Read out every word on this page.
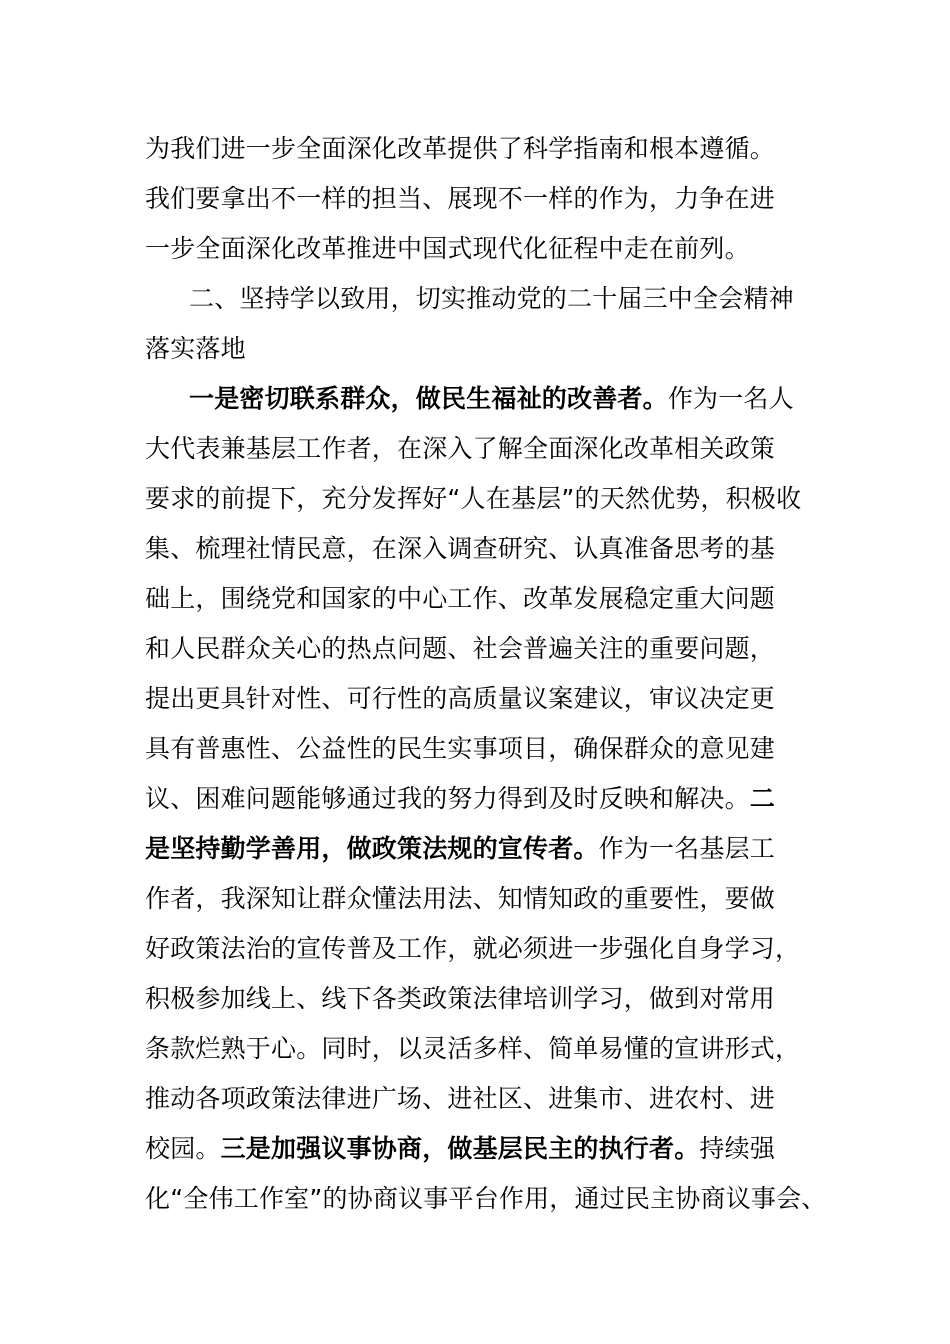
为我们进一步全面深化改革提供了科学指南和根本遵循。
我们要拿出不一样的担当、展现不一样的作为，力争在进
一步全面深化改革推进中国式现代化征程中走在前列。
二、坚持学以致用，切实推动党的二十届三中全会精神
落实落地
一是密切联系群众，做民生福祉的改善者。作为一名人
大代表兼基层工作者，在深入了解全面深化改革相关政策
要求的前提下，充分发挥好“人在基层”的天然优势，积极收
集、梳理社情民意，在深入调查研究、认真准备思考的基
础上，围绕党和国家的中心工作、改革发展稳定重大问题
和人民群众关心的热点问题、社会普遍关注的重要问题，
提出更具针对性、可行性的高质量议案建议，审议决定更
具有普惠性、公益性的民生实事项目，确保群众的意见建
议、困难问题能够通过我的努力得到及时反映和解决。二
是坚持勤学善用，做政策法规的宣传者。作为一名基层工
作者，我深知让群众懂法用法、知情知政的重要性，要做
好政策法治的宣传普及工作，就必须进一步强化自身学习，
积极参加线上、线下各类政策法律培训学习，做到对常用
条款烂熟于心。同时，以灵活多样、简单易懂的宣讲形式，
推动各项政策法律进广场、进社区、进集市、进农村、进
校园。三是加强议事协商，做基层民主的执行者。持续强
化“全伟工作室”的协商议事平台作用，通过民主协商议事会、
